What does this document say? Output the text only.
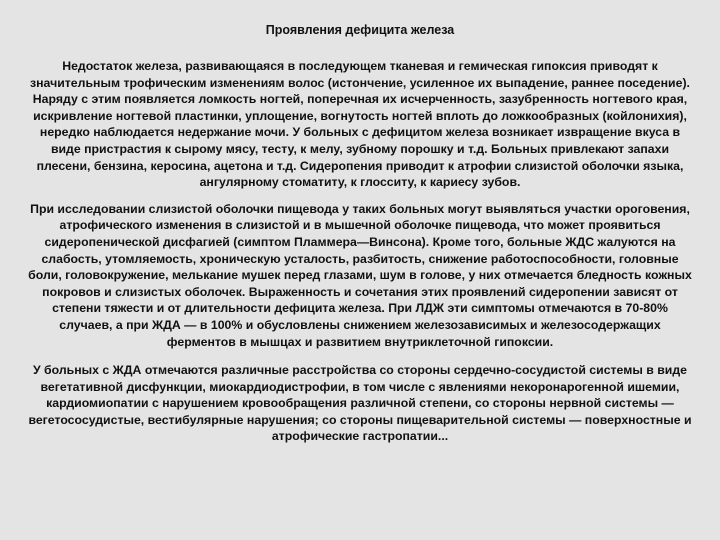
Проявления дефицита железа

Недостаток железа, развивающаяся в последующем тканевая и гемическая гипоксия приводят к значительным трофическим изменениям волос (истончение, усиленное их выпадение, раннее поседение). Наряду с этим появляется ломкость ногтей, поперечная их исчерченность, зазубренность ногтевого края, искривление ногтевой пластинки, уплощение, вогнутость ногтей вплоть до ложкообразных (койлонихия), нередко наблюдается недержание мочи. У больных с дефицитом железа возникает извращение вкуса в виде пристрастия к сырому мясу, тесту, к мелу, зубному порошку и т.д. Больных привлекают запахи плесени, бензина, керосина, ацетона и т.д. Сидеропения приводит к атрофии слизистой оболочки языка, ангулярному стоматиту, к глосситу, к кариесу зубов.

При исследовании слизистой оболочки пищевода у таких больных могут выявляться участки ороговения, атрофического изменения в слизистой и в мышечной оболочке пищевода, что может проявиться сидеропенической дисфагией (симптом Пламмера—Винсона). Кроме того, больные ЖДС жалуются на слабость, утомляемость, хроническую усталость, разбитость, снижение работоспособности, головные боли, головокружение, мелькание мушек перед глазами, шум в голове, у них отмечается бледность кожных покровов и слизистых оболочек. Выраженность и сочетания этих проявлений сидеропении зависят от степени тяжести и от длительности дефицита железа. При ЛДЖ эти симптомы отмечаются в 70-80% случаев, а при ЖДА — в 100% и обусловлены снижением железозависимых и железосодержащих ферментов в мышцах и развитием внутриклеточной гипоксии.

У больных с ЖДА отмечаются различные расстройства со стороны сердечно-сосудистой системы в виде вегетативной дисфункции, миокардиодистрофии, в том числе с явлениями некоронарогенной ишемии, кардиомиопатии с нарушением кровообращения различной степени, со стороны нервной системы — вегетососудистые, вестибулярные нарушения; со стороны пищеварительной системы — поверхностные и атрофические гастропатии...
